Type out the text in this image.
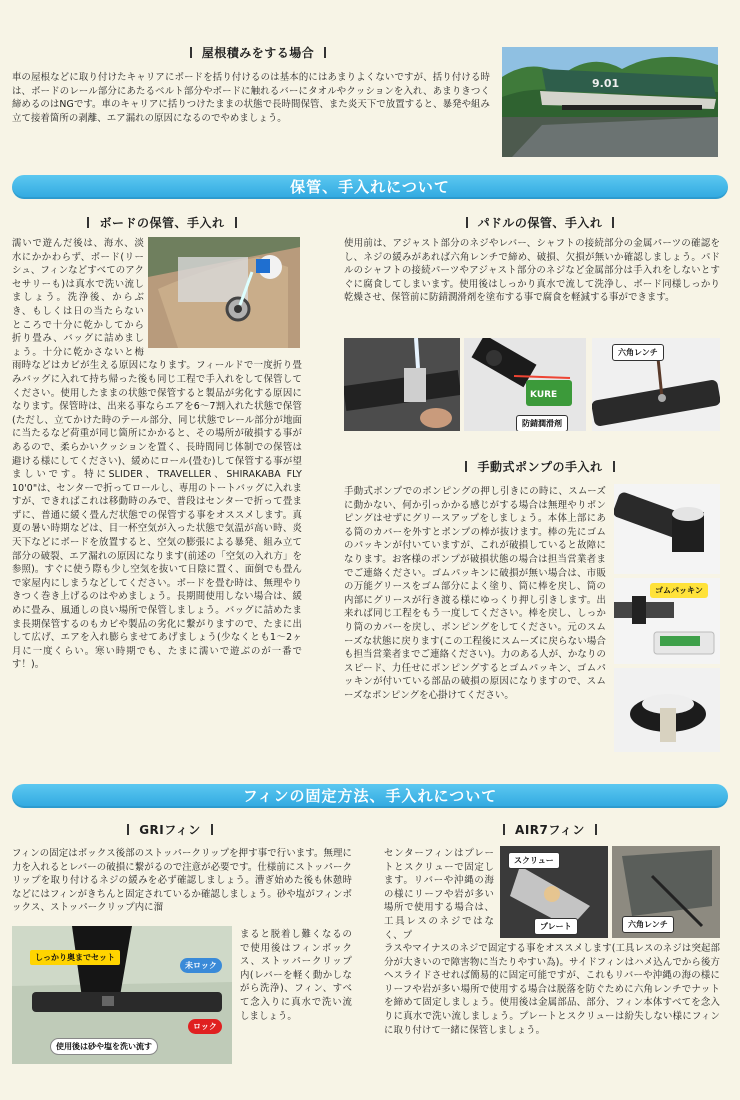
屋根積みをする場合
車の屋根などに取り付けたキャリアにボードを括り付けるのは基本的にはあまりよくないですが、括り付ける時は、ボードのレール部分にあたるベルト部分やボードに触れるバーにタオルやクッションを入れ、あまりきつく締めるのはNGです。車のキャリアに括りつけたままの状態で長時間保管、また炎天下で放置すると、暴発や組み立て接着箇所の剥離、エア漏れの原因になるのでやめましょう。
9.01
保管、手入れについて
ボードの保管、手入れ
濡いで遊んだ後は、海水、淡水にかかわらず、ボード(リーシュ、フィンなどすべてのアクセサリーも)は真水で洗い流しましょう。洗浄後、からぶき、もしくは日の当たらないところで十分に乾かしてから折り畳み、バッグに詰めましょう。十分に乾かさないと梅雨時などはカビが生える原因になります。フィールドで一度折り畳みバッグに入れて持ち帰った後も同じ工程で手入れをして保管してください。使用したままの状態で保管すると製品が劣化する原因になります。保管時は、出来る事ならエアを6〜7割入れた状態で保管(ただし、立てかけた時のテール部分、同じ状態でレール部分が地面に当たるなど荷重が同じ箇所にかかると、その場所が破損する事があるので、柔らかいクッションを置く、長時間同じ体制での保管は避ける様にしてください)、緩めにロール(畳む)して保管する事が望ましいです。特にSLIDER、TRAVELLER、SHIRAKABA FLY 10'0"は、センターで折ってロールし、専用のトートバッグに入れますが、できればこれは移動時のみで、普段はセンターで折って畳まずに、普通に緩く畳んだ状態での保管する事をオススメします。真夏の暑い時期などは、目一杯空気が入った状態で気温が高い時、炎天下などにボードを放置すると、空気の膨張による暴発、組み立て部分の破裂、エア漏れの原因になります(前述の「空気の入れ方」を参照)。すぐに使う際も少し空気を抜いて日陰に置く、面倒でも畳んで家屋内にしまうなどしてください。ボードを畳む時は、無理やりきつく巻き上げるのはやめましょう。長期間使用しない場合は、緩めに畳み、風通しの良い場所で保管しましょう。バッグに詰めたまま長期保管するのもカビや製品の劣化に繋がりますので、たまに出して広げ、エアを入れ膨らませてあげましょう(少なくとも1〜2ヶ月に一度くらい。寒い時期でも、たまに濡いで遊ぶのが一番です！)。
パドルの保管、手入れ
使用前は、アジャスト部分のネジやレバー、シャフトの接続部分の金属パーツの確認をし、ネジの緩みがあれば六角レンチで締め、破損、欠損が無いか確認しましょう。パドルのシャフトの接続パーツやアジャスト部分のネジなど金属部分は手入れをしないとすぐに腐食してしまいます。使用後はしっかり真水で流して洗浄し、ボード同様しっかり乾燥させ、保管前に防錆潤滑剤を塗布する事で腐食を軽減する事ができます。
KURE
防錆潤滑剤
六角レンチ
手動式ポンプの手入れ
手動式ポンプでのポンピングの押し引きにの時に、スムーズに動かない、何か引っかかる感じがする場合は無理やりポンピングはせずにグリースアップをしましょう。本体上部にある筒のカバーを外すとポンプの棒が抜けます。棒の先にゴムのパッキンが付いていますが、これが破損していると故障になります。お客様のポンプが破損状態の場合は担当営業者までご連絡ください。ゴムパッキンに破損が無い場合は、市販の万能グリースをゴム部分によく塗り、筒に棒を戻し、筒の内部にグリースが行き渡る様にゆっくり押し引きします。出来れば同じ工程をもう一度してください。棒を戻し、しっかり筒のカバーを戻し、ポンピングをしてください。元のスムーズな状態に戻ります(この工程後にスムーズに戻らない場合も担当営業者までご連絡ください)。力のある人が、かなりのスピード、力任せにポンピングするとゴムパッキン、ゴムパッキンが付いている部品の破損の原因になりますので、スムーズなポンピングを心掛けてください。
ゴムパッキン
フィンの固定方法、手入れについて
GRIフィン
フィンの固定はボックス後部のストッパークリップを押す事で行います。無理に力を入れるとレバーの破損に繋がるので注意が必要です。仕様前にストッパークリップを取り付けるネジの緩みを必ず確認しましょう。漕ぎ始めた後も休憩時などにはフィンがきちんと固定されているか確認しましょう。砂や塩がフィンボックス、ストッパークリップ内に溜
しっかり奥までセット
未ロック
ロック
使用後は砂や塩を洗い流す
まると脱着し難くなるので使用後はフィンボックス、ストッパークリップ内(レバーを軽く動かしながら洗浄)、フィン、すべて念入りに真水で洗い流しましょう。
AIR7フィン
センターフィンはプレートとスクリューで固定します。リバーや沖縄の海の様にリーフや岩が多い場所で使用する場合は、工具レスのネジではなく、プ
スクリュー
プレート	六角レンチ
ラスやマイナスのネジで固定する事をオススメします(工具レスのネジは突起部分が大きいので障害物に当たりやすい為)。サイドフィンはハメ込んでから後方へスライドさせれば簡易的に固定可能ですが、これもリバーや沖縄の海の様にリーフや岩が多い場所で使用する場合は脱落を防ぐために六角レンチでナットを締めて固定しましょう。使用後は金属部品、部分、フィン本体すべてを念入りに真水で洗い流しましょう。プレートとスクリューは紛失しない様にフィンに取り付けて一緒に保管しましょう。
